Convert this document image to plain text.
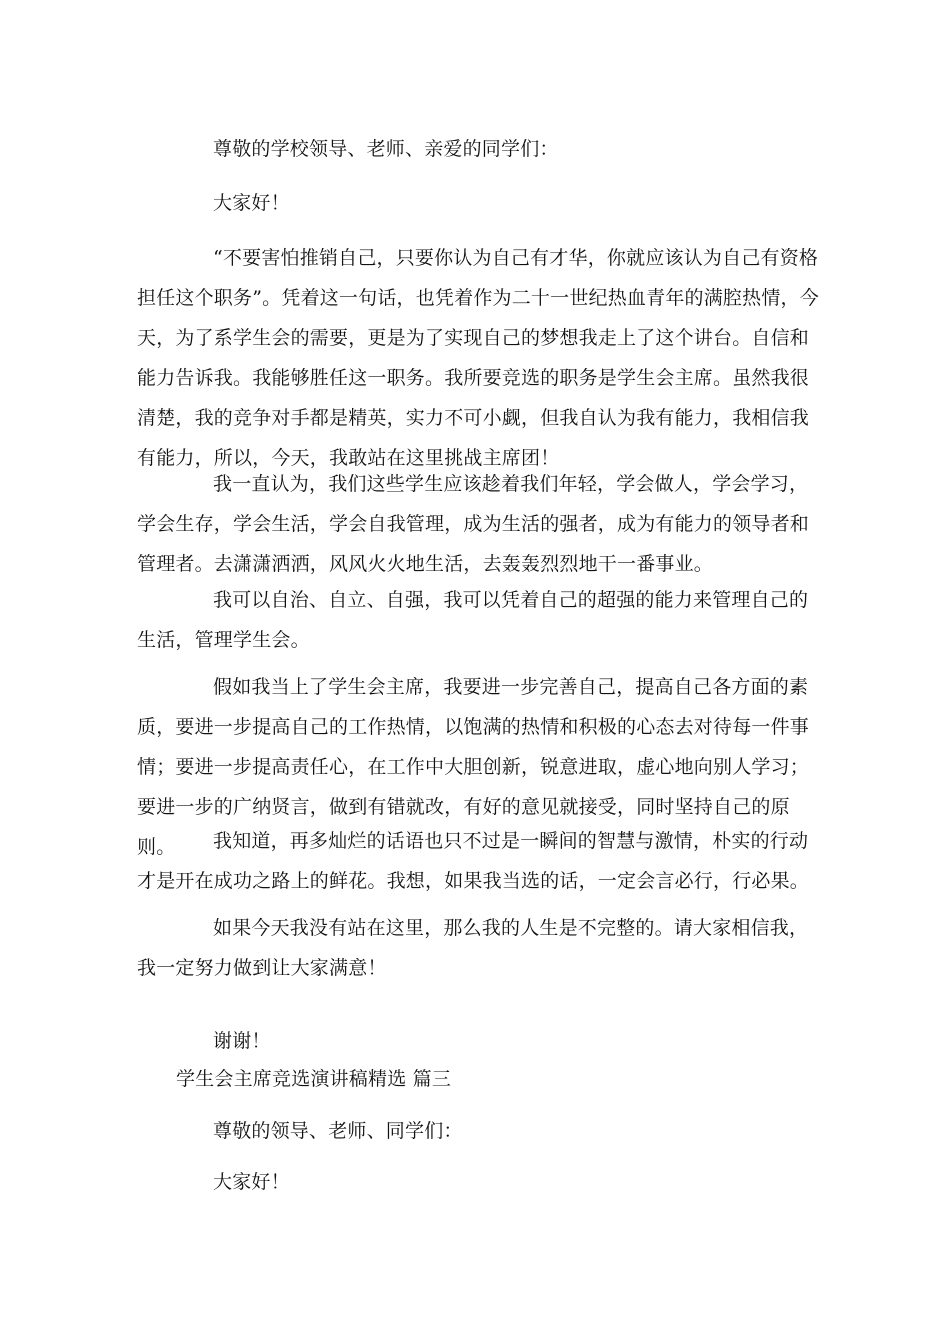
尊敬的学校领导、老师、亲爱的同学们：

大家好！

“不要害怕推销自己，只要你认为自己有才华，你就应该认为自己有资格担任这个职务”。凭着这一句话，也凭着作为二十一世纪热血青年的满腔热情，今天，为了系学生会的需要，更是为了实现自己的梦想我走上了这个讲台。自信和能力告诉我。我能够胜任这一职务。我所要竞选的职务是学生会主席。虽然我很清楚，我的竞争对手都是精英，实力不可小觑，但我自认为我有能力，我相信我有能力，所以，今天，我敢站在这里挑战主席团！

我一直认为，我们这些学生应该趁着我们年轻，学会做人，学会学习，学会生存，学会生活，学会自我管理，成为生活的强者，成为有能力的领导者和管理者。去潇潇洒洒，风风火火地生活，去轰轰烈烈地干一番事业。

我可以自治、自立、自强，我可以凭着自己的超强的能力来管理自己的生活，管理学生会。

假如我当上了学生会主席，我要进一步完善自己，提高自己各方面的素质，要进一步提高自己的工作热情，以饱满的热情和积极的心态去对待每一件事情；要进一步提高责任心，在工作中大胆创新，锐意进取，虚心地向别人学习；要进一步的广纳贤言，做到有错就改，有好的意见就接受，同时坚持自己的原则。	我知道，再多灿烂的话语也只不过是一瞬间的智慧与激情，朴实的行动才是开在成功之路上的鲜花。我想，如果我当选的话，一定会言必行，行必果。

如果今天我没有站在这里，那么我的人生是不完整的。请大家相信我，我一定努力做到让大家满意！

谢谢！

学生会主席竞选演讲稿精选 篇三

尊敬的领导、老师、同学们：

大家好！
